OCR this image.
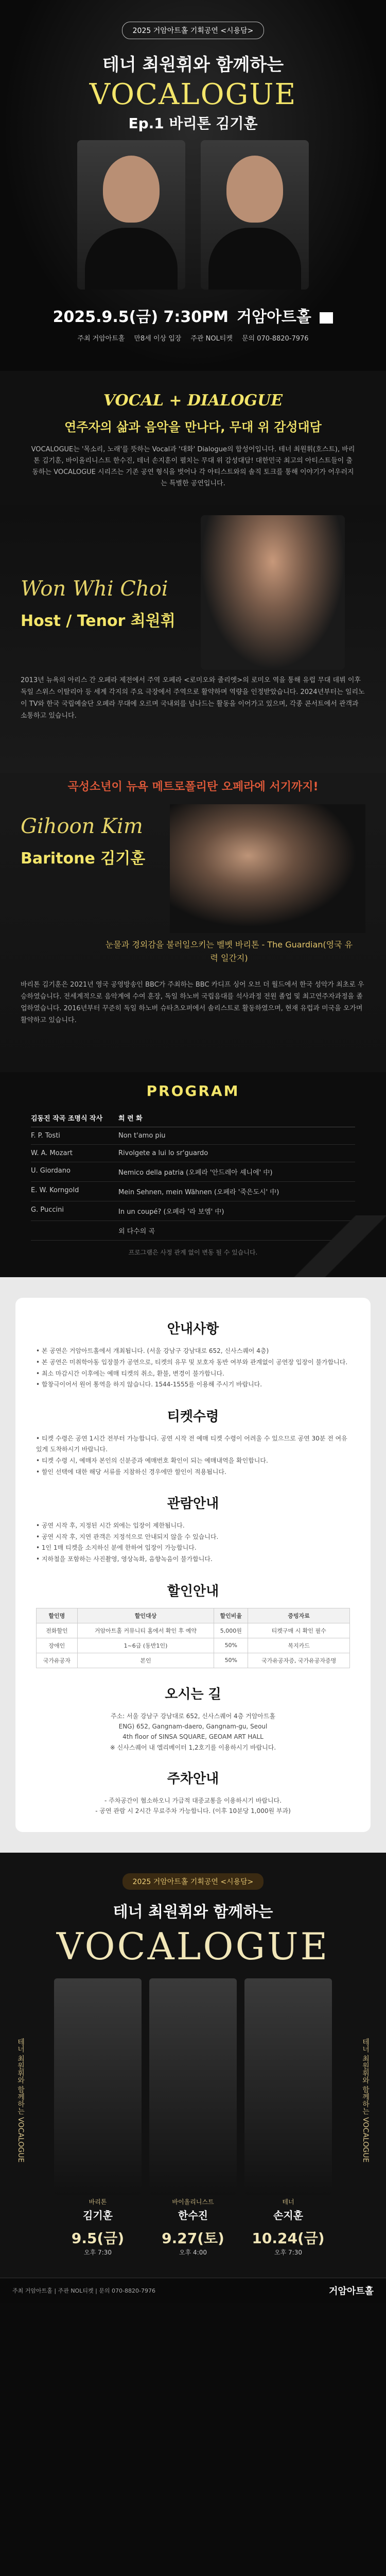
2025 거암아트홀 기획공연 <시용담>
테너 최원휘와 함께하는
VOCALOGUE
Ep.1 바리톤 김기훈
2025.9.5(금) 7:30PM 거암아트홀
주최 거암아트홀 만8세 이상 입장 주관 NOL티켓 문의 070-8820-7976
VOCAL + DIALOGUE
연주자의 삶과 음악을 만나다, 무대 위 감성대담

VOCALOGUE는 '목소리, 노래'를 뜻하는 Vocal과 '대화' Dialogue의 합성어입니다. 테너 최원휘(호스트), 바리톤 김기훈, 바이올리니스트 한수진, 테너 손지훈이 펼치는 무대 위 감성대담! 대한민국 최고의 아티스트들이 출동하는 VOCALOGUE 시리즈는 기존 공연 형식을 벗어나 각 아티스트와의 솔직 토크를 통해 이야기가 어우러지는 특별한 공연입니다.

Won Whi Choi
Host / Tenor 최원휘

2013년 뉴욕의 아리스 간 오페라 제전에서 주역 오페라 <로미오와 줄리엣>의 로미오 역을 통해 유럽 무대 데뷔 이후 독일 스위스 이탈리아 등 세계 각지의 주요 극장에서 주역으로 활약하며 역량을 인정받았습니다. 2024년부터는 일리노이 TV와 한국 국립예술단 오페라 무대에 오르며 국내외를 넘나드는 활동을 이어가고 있으며, 각종 콘서트에서 관객과 소통하고 있습니다.

곡성소년이 뉴욕 메트로폴리탄 오페라에 서기까지!
Gihoon Kim
Baritone 김기훈
눈물과 경외감을 불러일으키는 벨벳 바리톤 - The Guardian(영국 유력 일간지)

바리톤 김기훈은 2021년 영국 공영방송인 BBC가 주최하는 BBC 카디프 싱어 오브 더 월드에서 한국 성악가 최초로 우승하였습니다. 전세계적으로 음악계에 수여 훈장, 독일 하노버 국립음대를 석사과정 전원 졸업 및 최고연주자과정을 졸업하였습니다. 2016년부터 꾸준히 독일 하노버 슈타츠오퍼에서 솔리스트로 활동하였으며, 현재 유럽과 미국을 오가며 활약하고 있습니다.

PROGRAM
김동진 작곡 조명식 작사	희 련 화
F. P. Tosti	Non t'amo piu
W. A. Mozart	Rivolgete a lui lo sr'guardo
U. Giordano	Nemico della patria (오페라 '안드레아 셰니에' 中)
E. W. Korngold	Mein Sehnen, mein Wähnen (오페라 '죽은도시' 中)
G. Puccini	In un coupé? (오페라 '라 보엠' 中)
외 다수의 곡
프로그램은 사정 관계 없이 변동 될 수 있습니다.
안내사항
• 본 공연은 거암아트홀에서 개최됩니다. (서울 강남구 강남대로 652, 신사스퀘어 4층)
• 본 공연은 미취학아동 입장불가 공연으로, 티켓의 유무 및 보호자 동반 여부와 관계없이 공연장 입장이 불가합니다.
• 최소 마감시간 이후에는 예매 티켓의 취소, 환불, 변경이 불가합니다.
• 합창극이어서 원어 통역을 하지 않습니다. 1544-1555를 이용해 주시기 바랍니다.
티켓수령
• 티켓 수령은 공연 1시간 전부터 가능합니다. 공연 시작 전 예매 티켓 수령이 어려울 수 있으므로 공연 30분 전 여유있게 도착하시기 바랍니다.
• 티켓 수령 시, 예매자 본인의 신분증과 예매번호 확인이 되는 예매내역을 확인합니다.
• 할인 선택에 대한 해당 서류를 지참하신 경우에만 할인이 적용됩니다.
관람안내
• 공연 시작 후, 지정된 시간 외에는 입장이 제한됩니다.
• 공연 시작 후, 지연 관객은 지정석으로 안내되지 않을 수 있습니다.
• 1인 1매 티켓을 소지하신 분에 한하여 입장이 가능합니다.
• 지하철을 포함하는 사진촬영, 영상녹화, 음향녹음이 불가합니다.
할인안내
할인명	할인대상	할인비율	증빙자료
전화할인	거암아트홀 커뮤니티 홈에서 확인 후 예약	5,000원	티켓구매 시 확인 필수
장애인	1~6급 (동반1인)	50%	복지카드
국가유공자	본인	50%	국가유공자증, 국가유공자증명
오시는 길
주소: 서울 강남구 강남대로 652, 신사스퀘어 4층 거암아트홀
ENG) 652, Gangnam-daero, Gangnam-gu, Seoul
4th floor of SINSA SQUARE, GEOAM ART HALL
※ 신사스퀘어 내 엘리베이터 1,2호기를 이용하시기 바랍니다.
주차안내
- 주차공간이 협소하오니 가급적 대중교통을 이용하시기 바랍니다.
- 공연 관람 시 2시간 무료주차 가능합니다. (이후 10분당 1,000원 부과)
2025 거암아트홀 기획공연 <시용담>
테너 최원휘와 함께하는
VOCALOGUE
테너 최원휘와 함께하는 VOCALOGUE	테너 최원휘와 함께하는 VOCALOGUE
바리톤
김기훈
9.5(금)
오후 7:30
바이올리니스트
한수진
9.27(토)
오후 4:00
테너
손지훈
10.24(금)
오후 7:30
주최 거암아트홀 | 주관 NOL티켓 | 문의 070-8820-7976	거암아트홀
